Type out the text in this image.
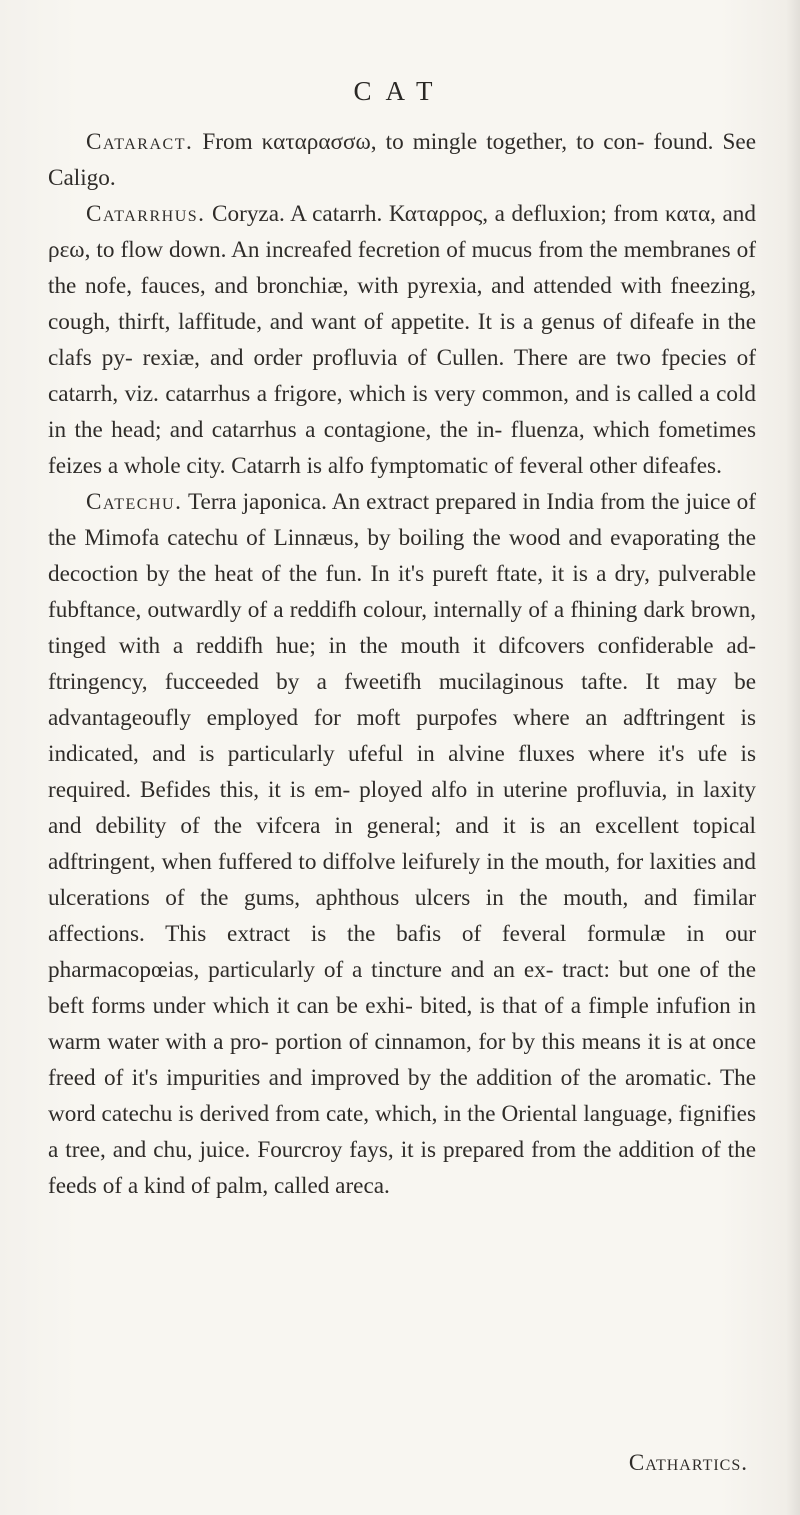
CAT

Cataract. From καταρασσω, to mingle together, to con- found. See Caligo.

Catarrhus. Coryza. A catarrh. Καταρρος, a defluxion; from κατα, and ρεω, to flow down. An increafed fecretion of mucus from the membranes of the nofe, fauces, and bronchiæ, with pyrexia, and attended with fneezing, cough, thirft, laffitude, and want of appetite. It is a genus of difeafe in the clafs py- rexiæ, and order profluvia of Cullen. There are two fpecies of catarrh, viz. catarrhus a frigore, which is very common, and is called a cold in the head; and catarrhus a contagione, the in- fluenza, which fometimes feizes a whole city. Catarrh is alfo fymptomatic of feveral other difeafes.

Catechu. Terra japonica. An extract prepared in India from the juice of the Mimofa catechu of Linnæus, by boiling the wood and evaporating the decoction by the heat of the fun. In it's pureft ftate, it is a dry, pulverable fubftance, outwardly of a reddifh colour, internally of a fhining dark brown, tinged with a reddifh hue; in the mouth it difcovers confiderable ad- ftringency, fucceeded by a fweetifh mucilaginous tafte. It may be advantageoufly employed for moft purpofes where an adftringent is indicated, and is particularly ufeful in alvine fluxes where it's ufe is required. Befides this, it is em- ployed alfo in uterine profluvia, in laxity and debility of the vifcera in general; and it is an excellent topical adftringent, when fuffered to diffolve leifurely in the mouth, for laxities and ulcerations of the gums, aphthous ulcers in the mouth, and fimilar affections. This extract is the bafis of feveral formulæ in our pharmacopœias, particularly of a tincture and an ex- tract: but one of the beft forms under which it can be exhi- bited, is that of a fimple infufion in warm water with a pro- portion of cinnamon, for by this means it is at once freed of it's impurities and improved by the addition of the aromatic. The word catechu is derived from cate, which, in the Oriental language, fignifies a tree, and chu, juice. Fourcroy fays, it is prepared from the addition of the feeds of a kind of palm, called areca.

Cathartics.
